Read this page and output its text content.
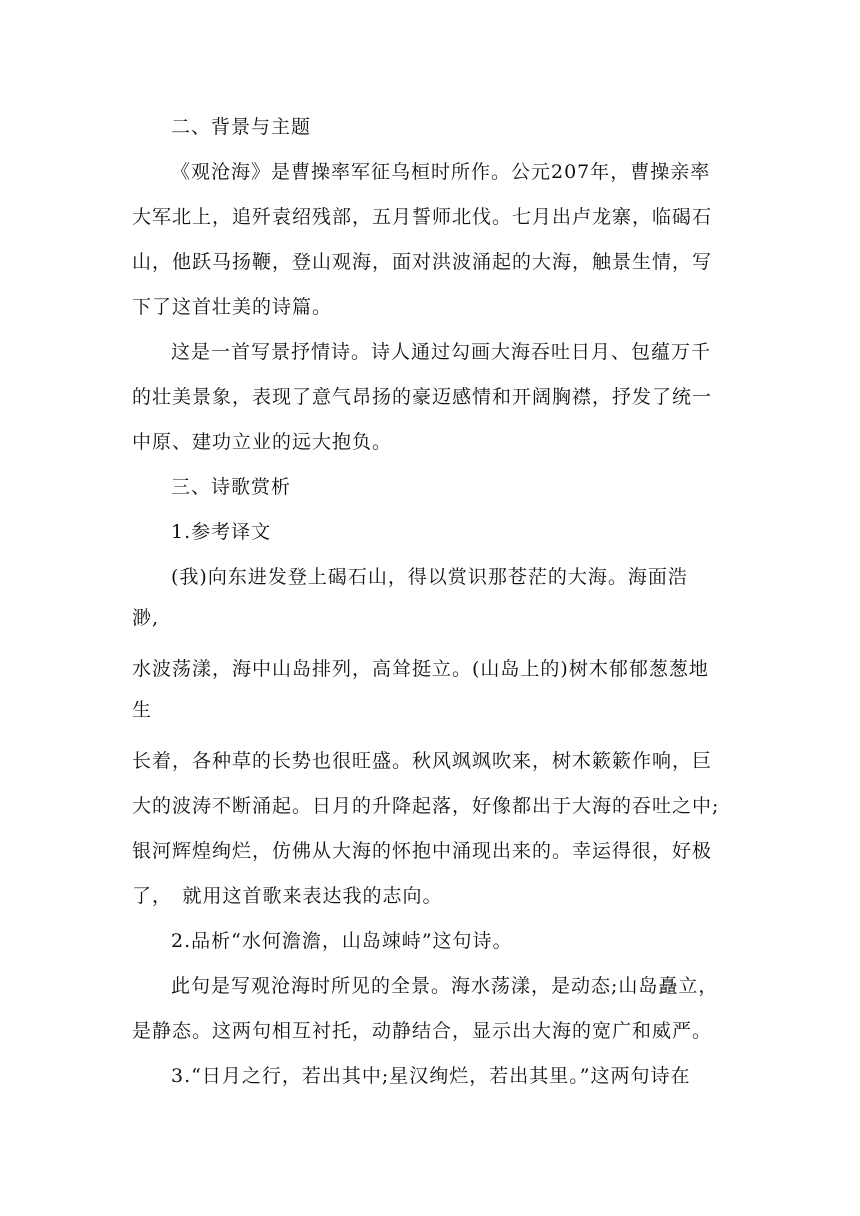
二、背景与主题
《观沧海》是曹操率军征乌桓时所作。公元207年，曹操亲率
大军北上，追歼袁绍残部，五月誓师北伐。七月出卢龙寨，临碣石
山，他跃马扬鞭，登山观海，面对洪波涌起的大海，触景生情，写
下了这首壮美的诗篇。
这是一首写景抒情诗。诗人通过勾画大海吞吐日月、包蕴万千
的壮美景象，表现了意气昂扬的豪迈感情和开阔胸襟，抒发了统一
中原、建功立业的远大抱负。
三、诗歌赏析
1.参考译文
(我)向东进发登上碣石山，得以赏识那苍茫的大海。海面浩
渺,
水波荡漾，海中山岛排列，高耸挺立。(山岛上的)树木郁郁葱葱地
生
长着，各种草的长势也很旺盛。秋风飒飒吹来，树木簌簌作响，巨
大的波涛不断涌起。日月的升降起落，好像都出于大海的吞吐之中;
银河辉煌绚烂，仿佛从大海的怀抱中涌现出来的。幸运得很，好极
了，　就用这首歌来表达我的志向。
2.品析“水何澹澹，山岛竦峙”这句诗。
此句是写观沧海时所见的全景。海水荡漾，是动态;山岛矗立，
是静态。这两句相互衬托，动静结合，显示出大海的宽广和威严。
3.“日月之行，若出其中;星汉绚烂，若出其里。”这两句诗在
